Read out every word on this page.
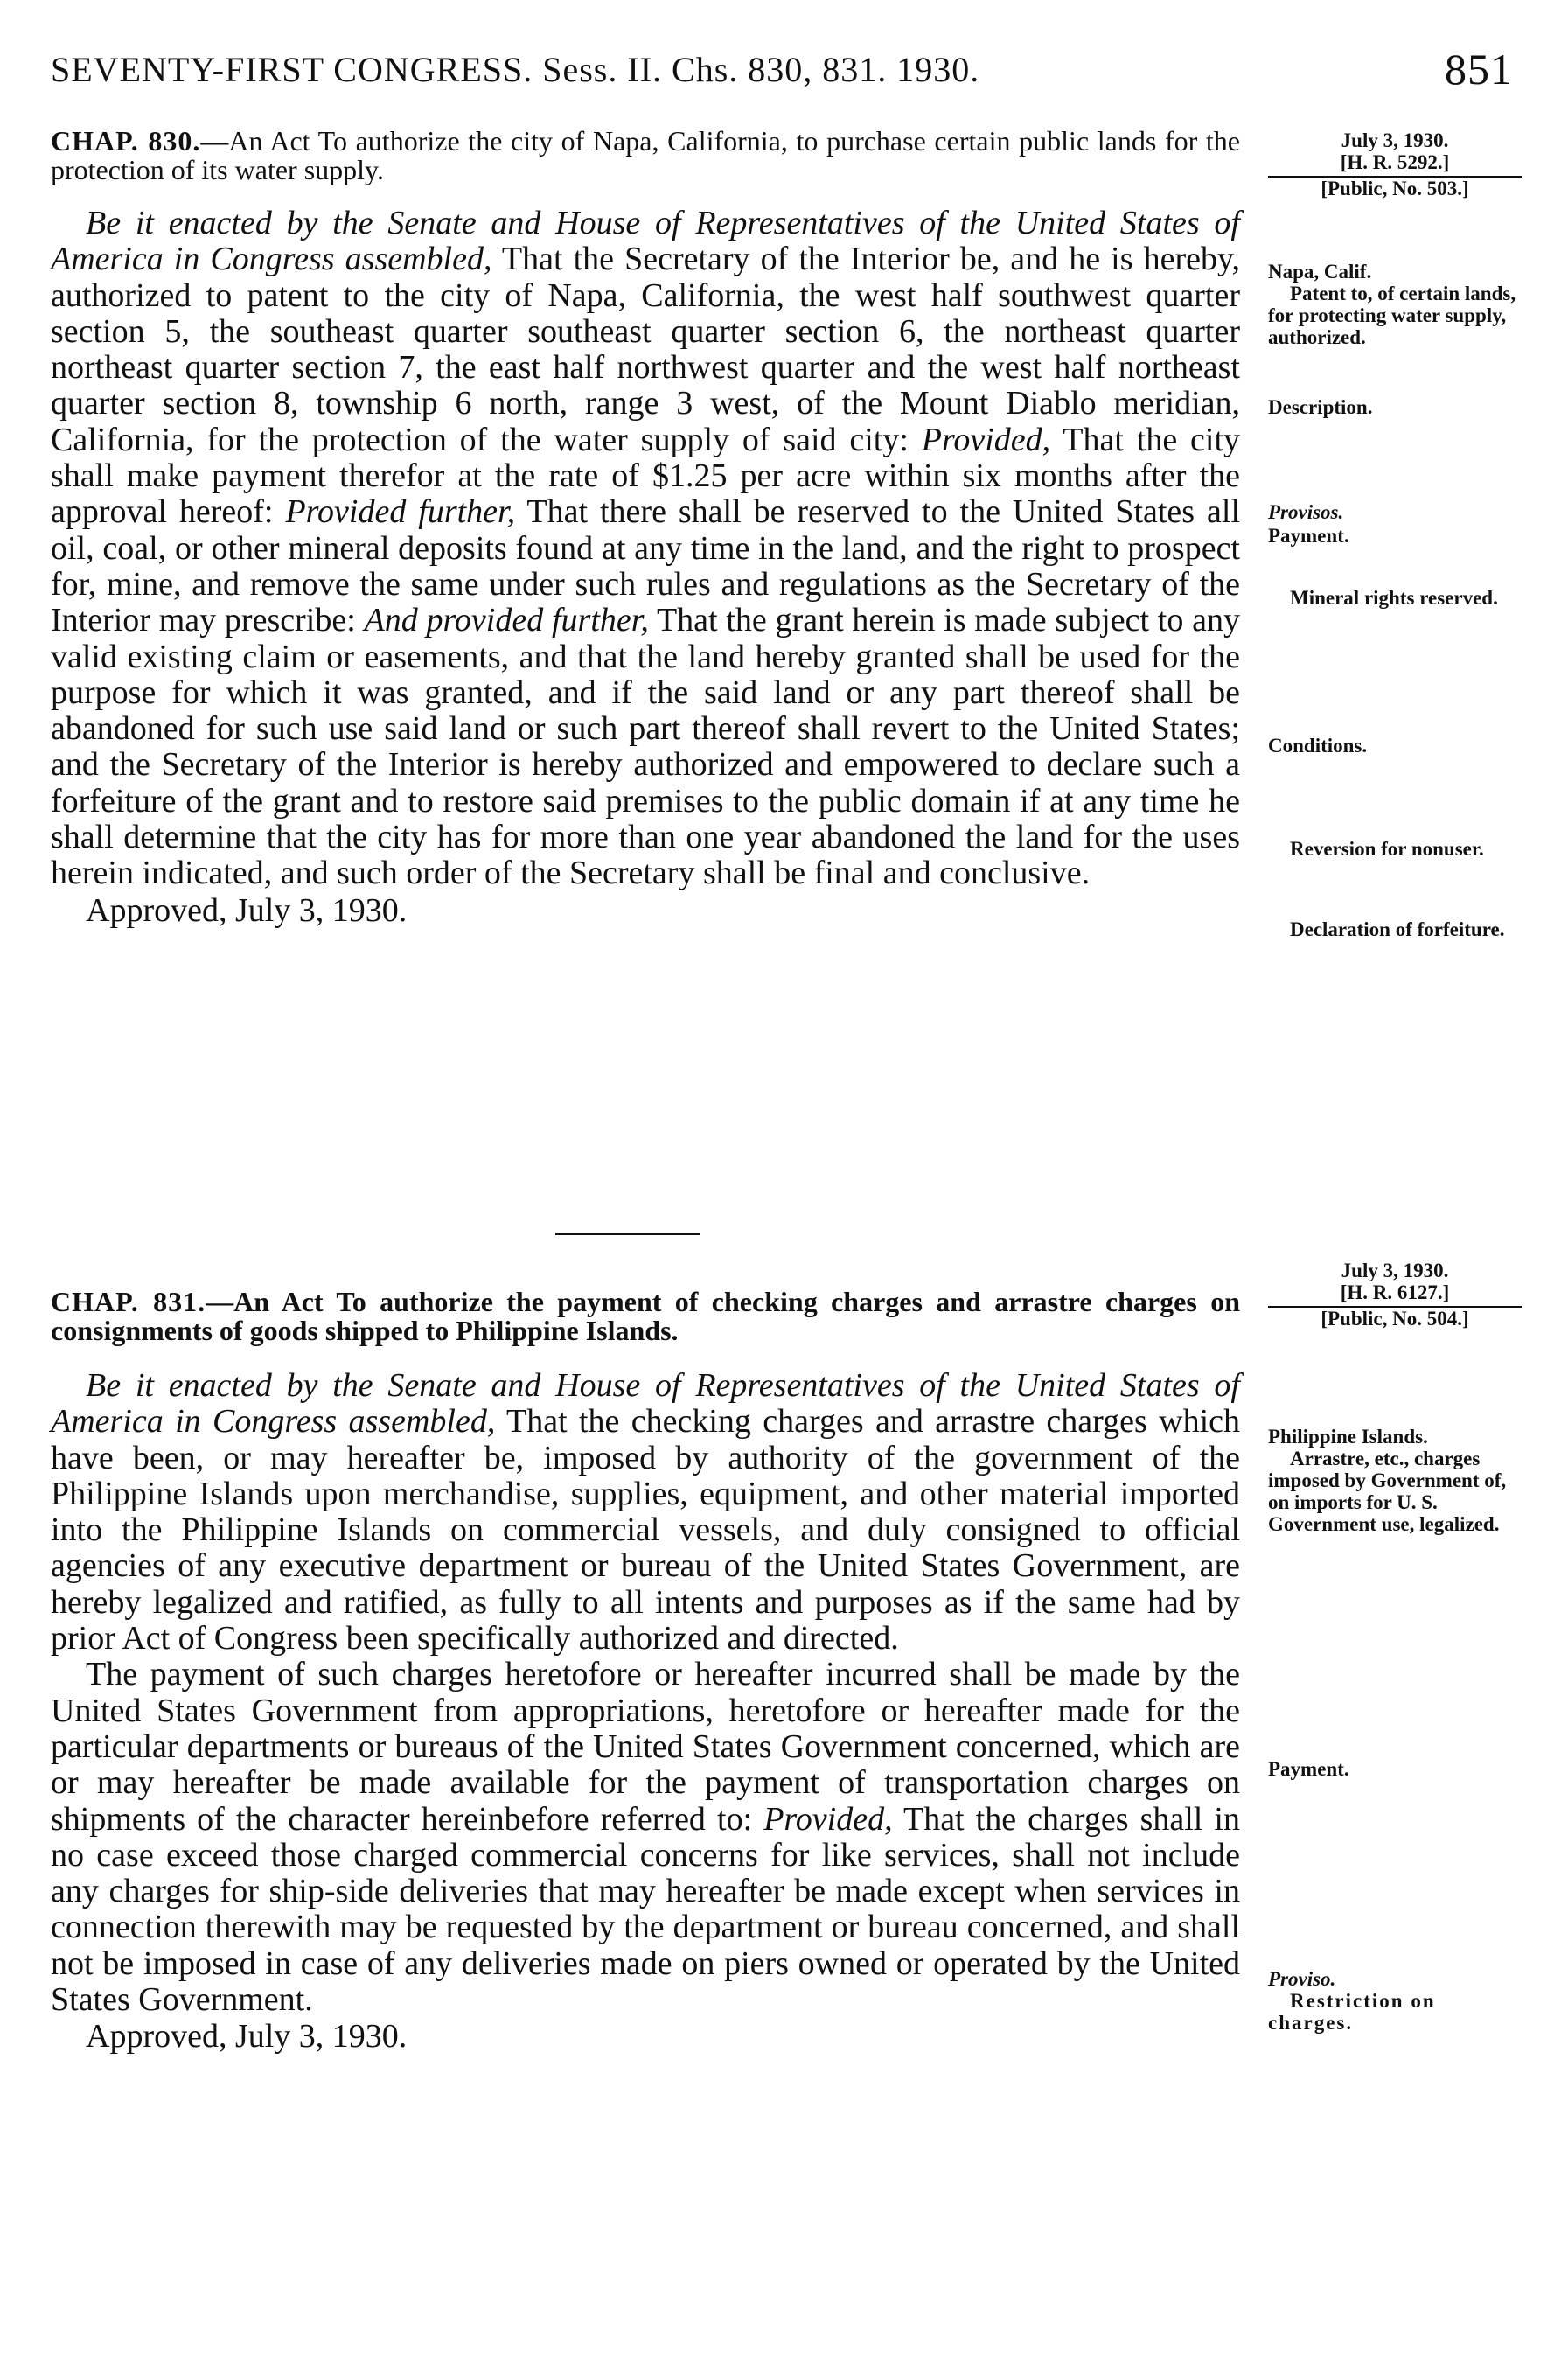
SEVENTY-FIRST CONGRESS. Sess. II. Chs. 830, 831. 1930.	851

CHAP. 830.—An Act To authorize the city of Napa, California, to purchase certain public lands for the protection of its water supply.

Be it enacted by the Senate and House of Representatives of the United States of America in Congress assembled, That the Secretary of the Interior be, and he is hereby, authorized to patent to the city of Napa, California, the west half southwest quarter section 5, the southeast quarter southeast quarter section 6, the northeast quarter northeast quarter section 7, the east half northwest quarter and the west half northeast quarter section 8, township 6 north, range 3 west, of the Mount Diablo meridian, California, for the protection of the water supply of said city: Provided, That the city shall make payment therefor at the rate of $1.25 per acre within six months after the approval hereof: Provided further, That there shall be reserved to the United States all oil, coal, or other mineral deposits found at any time in the land, and the right to prospect for, mine, and remove the same under such rules and regulations as the Secretary of the Interior may prescribe: And provided further, That the grant herein is made subject to any valid existing claim or easements, and that the land hereby granted shall be used for the purpose for which it was granted, and if the said land or any part thereof shall be abandoned for such use said land or such part thereof shall revert to the United States; and the Secretary of the Interior is hereby authorized and empowered to declare such a forfeiture of the grant and to restore said premises to the public domain if at any time he shall determine that the city has for more than one year abandoned the land for the uses herein indicated, and such order of the Secretary shall be final and conclusive.

Approved, July 3, 1930.

July 3, 1930.
[H. R. 5292.]
[Public, No. 503.]
Napa, Calif.
Patent to, of certain lands, for protecting water supply, authorized.
Description.
Provisos.
Payment.
Mineral rights reserved.
Conditions.
Reversion for nonuser.
Declaration of forfeiture.

CHAP. 831.—An Act To authorize the payment of checking charges and arrastre charges on consignments of goods shipped to Philippine Islands.

Be it enacted by the Senate and House of Representatives of the United States of America in Congress assembled, That the checking charges and arrastre charges which have been, or may hereafter be, imposed by authority of the government of the Philippine Islands upon merchandise, supplies, equipment, and other material imported into the Philippine Islands on commercial vessels, and duly consigned to official agencies of any executive department or bureau of the United States Government, are hereby legalized and ratified, as fully to all intents and purposes as if the same had by prior Act of Congress been specifically authorized and directed.

The payment of such charges heretofore or hereafter incurred shall be made by the United States Government from appropriations, heretofore or hereafter made for the particular departments or bureaus of the United States Government concerned, which are or may hereafter be made available for the payment of transportation charges on shipments of the character hereinbefore referred to: Provided, That the charges shall in no case exceed those charged commercial concerns for like services, shall not include any charges for ship-side deliveries that may hereafter be made except when services in connection therewith may be requested by the department or bureau concerned, and shall not be imposed in case of any deliveries made on piers owned or operated by the United States Government.

Approved, July 3, 1930.

July 3, 1930.
[H. R. 6127.]
[Public, No. 504.]
Philippine Islands.
Arrastre, etc., charges imposed by Government of, on imports for U. S. Government use, legalized.
Payment.
Proviso.
Restriction on charges.
